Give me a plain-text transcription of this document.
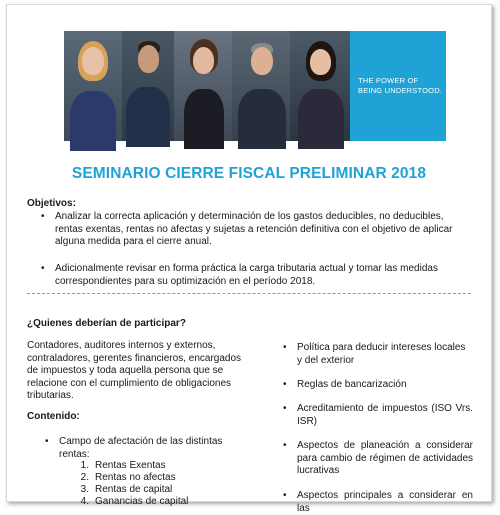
THE POWER OF
BEING UNDERSTOOD.
SEMINARIO CIERRE FISCAL PRELIMINAR 2018
Objetivos:
•	Analizar la correcta aplicación y determinación de los gastos deducibles, no deducibles, rentas exentas, rentas no afectas y sujetas a retención definitiva con el objetivo de aplicar alguna medida para el cierre anual.
•	Adicionalmente revisar en forma práctica la carga tributaria actual y tomar las medidas correspondientes para su optimización en el período 2018.
¿Quienes deberían de participar?
Contadores, auditores internos y externos, contraladores, gerentes financieros, encargados de impuestos y toda aquella persona que se relacione con el cumplimiento de obligaciones tributarias.
Contenido:
•	Campo de afectación de las distintas rentas:
1. Rentas Exentas
2. Rentas no afectas
3. Rentas de capital
4. Ganancias de capital
•	Política para deducir intereses locales y del exterior
•	Reglas de bancarización
•	Acreditamiento de impuestos (ISO Vrs. ISR)
•	Aspectos de planeación a considerar para cambio de régimen de actividades lucrativas
•	Aspectos principales a considerar en las
